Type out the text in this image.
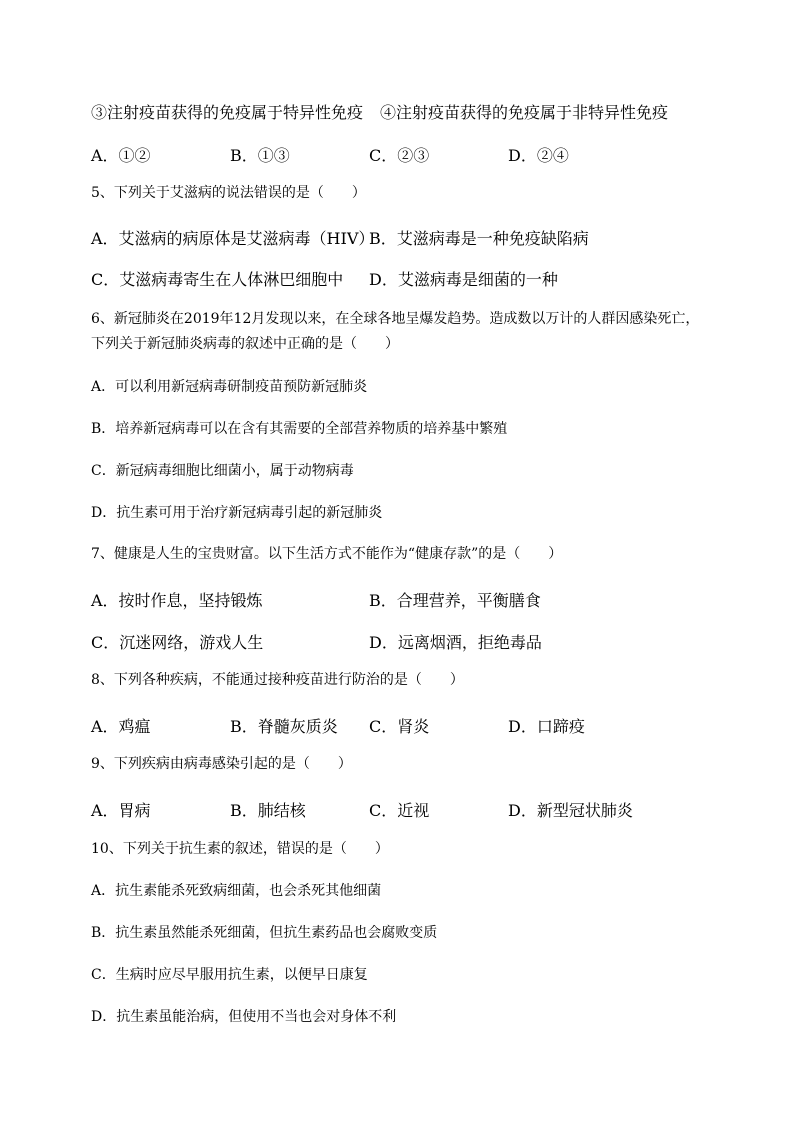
③注射疫苗获得的免疫属于特异性免疫 ④注射疫苗获得的免疫属于非特异性免疫
A．①②	B．①③	C．②③	D．②④
5、下列关于艾滋病的说法错误的是（　　）
A．艾滋病的病原体是艾滋病毒（HIV）
B．艾滋病毒是一种免疫缺陷病
C．艾滋病毒寄生在人体淋巴细胞中 D．艾滋病毒是细菌的一种
6、新冠肺炎在2019年12月发现以来，在全球各地呈爆发趋势。造成数以万计的人群因感染死亡，
下列关于新冠肺炎病毒的叙述中正确的是（　　）
A．可以利用新冠病毒研制疫苗预防新冠肺炎
B．培养新冠病毒可以在含有其需要的全部营养物质的培养基中繁殖
C．新冠病毒细胞比细菌小，属于动物病毒
D．抗生素可用于治疗新冠病毒引起的新冠肺炎
7、健康是人生的宝贵财富。以下生活方式不能作为“健康存款”的是（　　）
A．按时作息，坚持锻炼	B．合理营养，平衡膳食
C．沉迷网络，游戏人生	D．远离烟酒，拒绝毒品
8、下列各种疾病，不能通过接种疫苗进行防治的是（　　）
A．鸡瘟	B．脊髓灰质炎 C．肾炎	D．口蹄疫
9、下列疾病由病毒感染引起的是（　　）
A．胃病	B．肺结核	C．近视	D．新型冠状肺炎
10、下列关于抗生素的叙述，错误的是（　　）
A．抗生素能杀死致病细菌，也会杀死其他细菌
B．抗生素虽然能杀死细菌，但抗生素药品也会腐败变质
C．生病时应尽早服用抗生素，以便早日康复
D．抗生素虽能治病，但使用不当也会对身体不利
